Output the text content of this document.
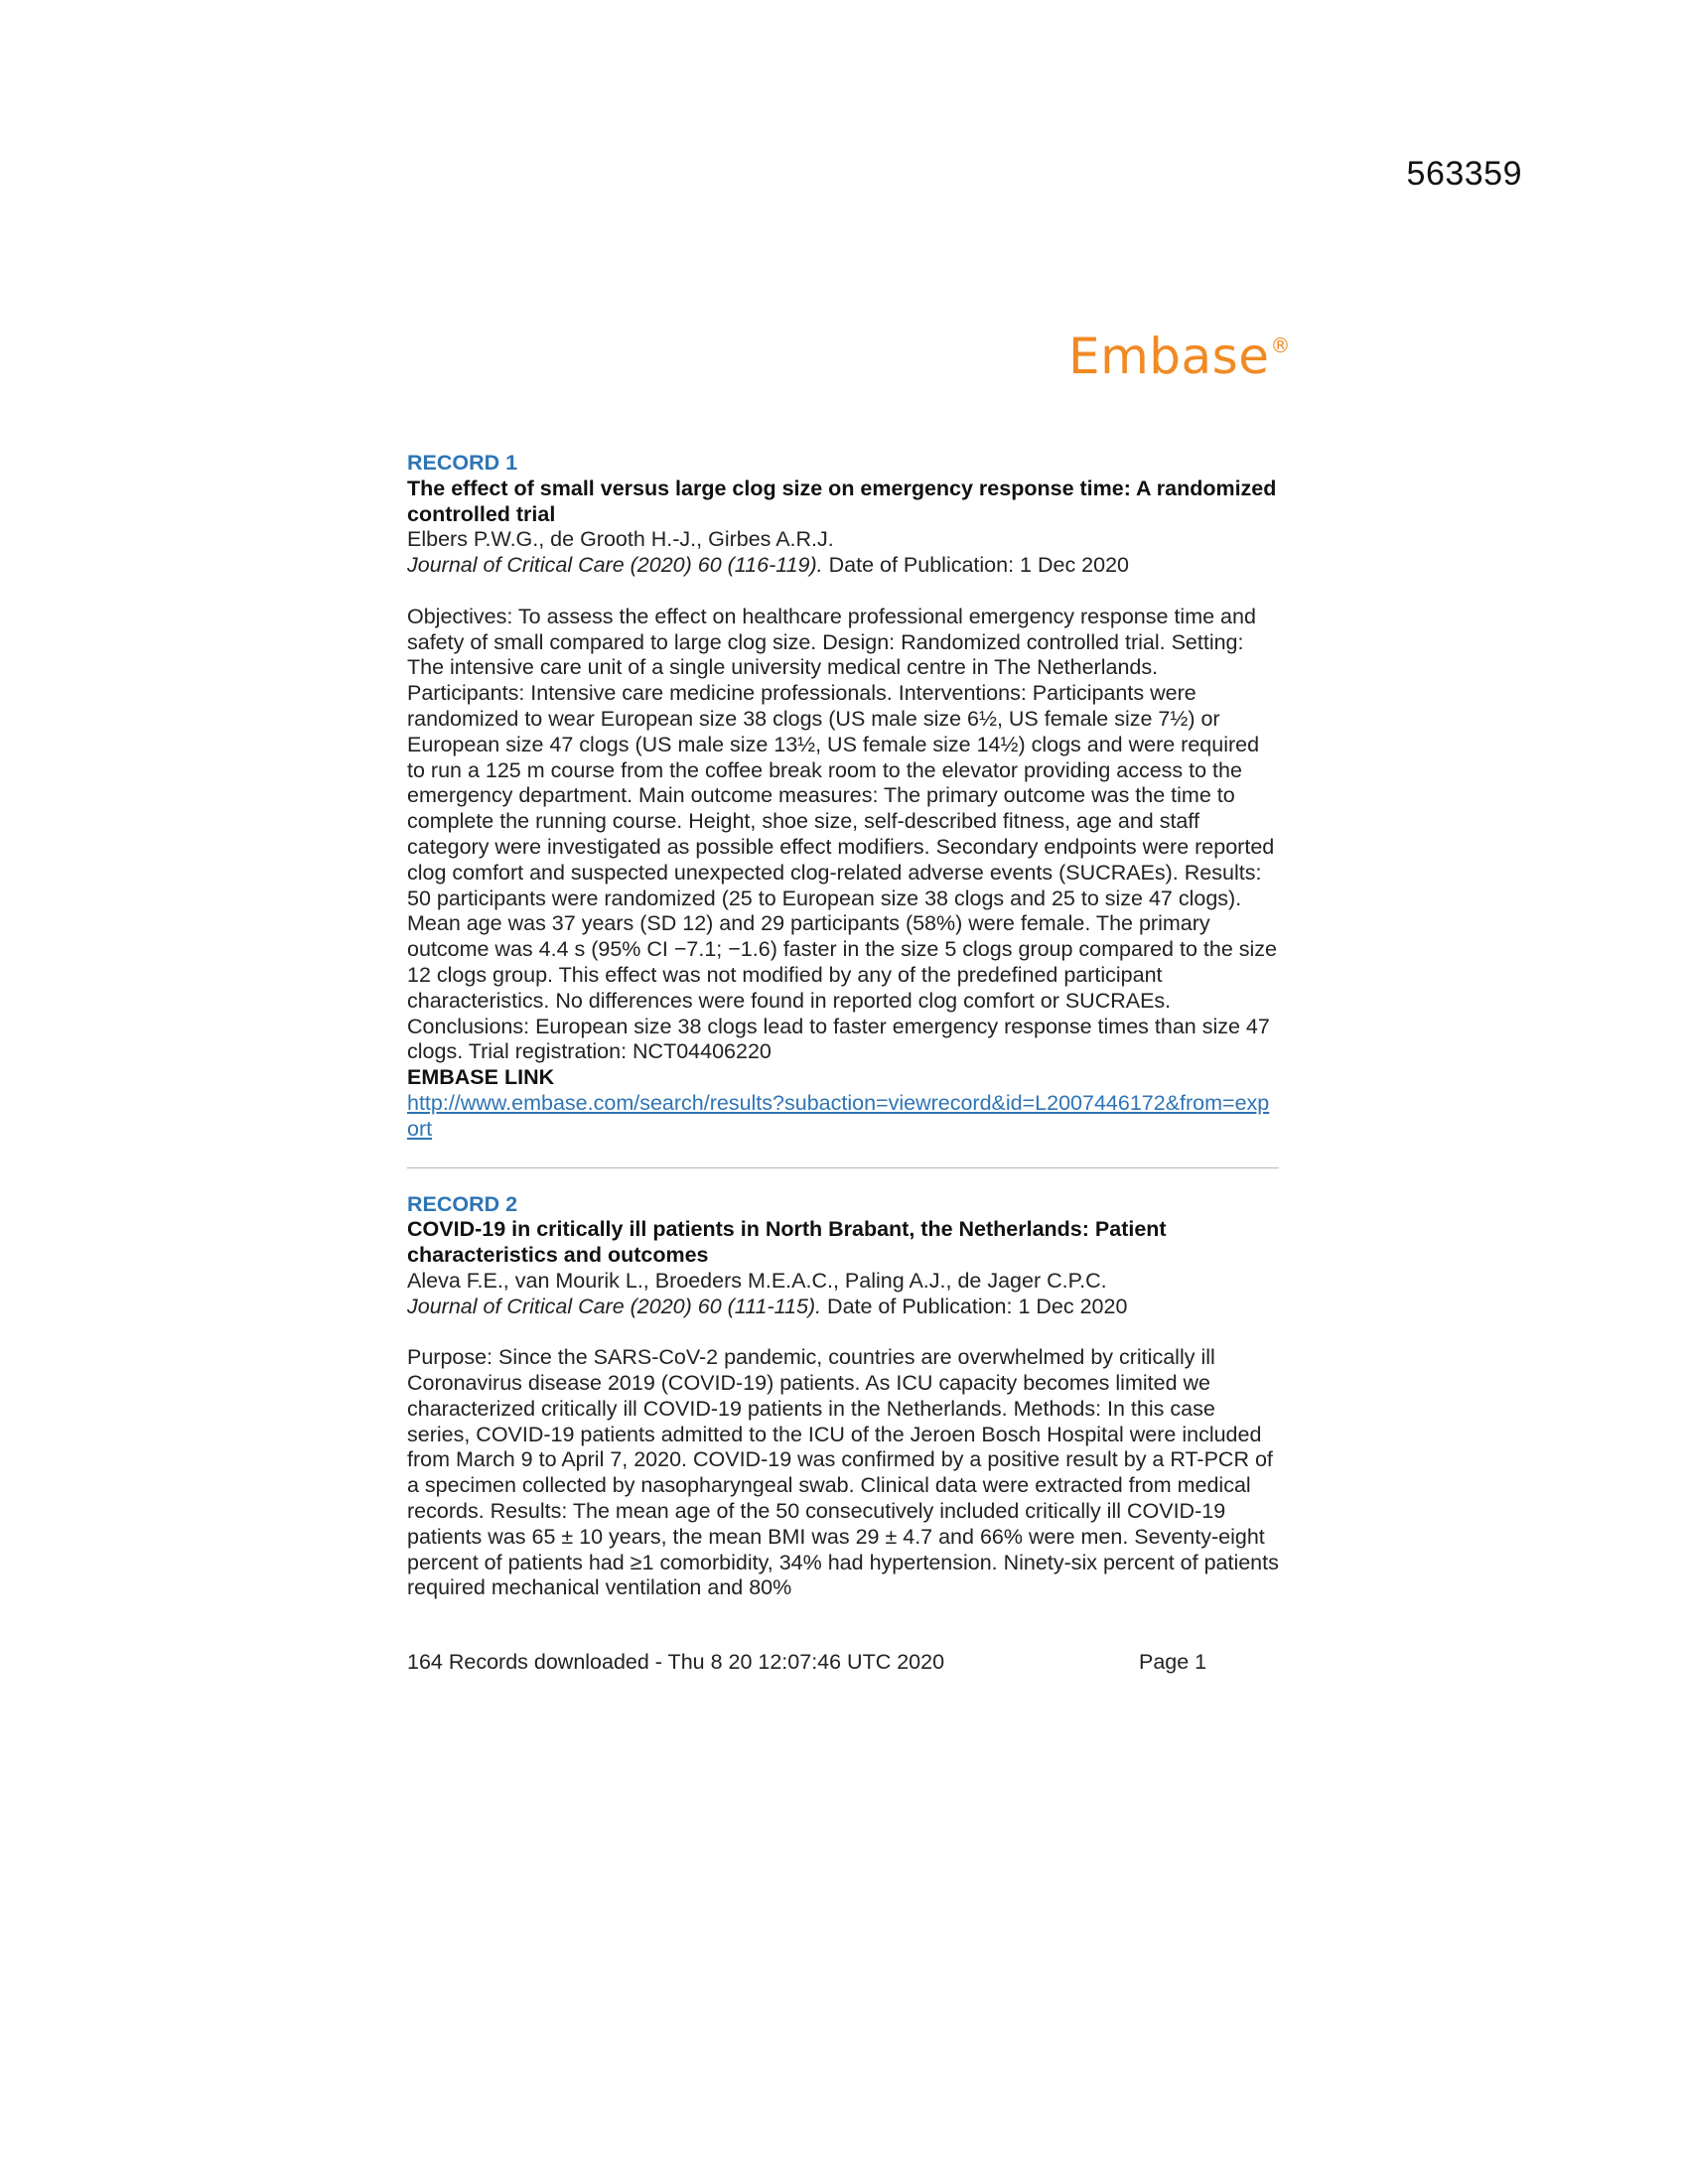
563359
Embase®
RECORD 1
The effect of small versus large clog size on emergency response time: A randomized controlled trial
Elbers P.W.G., de Grooth H.-J., Girbes A.R.J.
Journal of Critical Care (2020) 60 (116-119). Date of Publication: 1 Dec 2020
Objectives: To assess the effect on healthcare professional emergency response time and safety of small compared to large clog size. Design: Randomized controlled trial. Setting: The intensive care unit of a single university medical centre in The Netherlands. Participants: Intensive care medicine professionals. Interventions: Participants were randomized to wear European size 38 clogs (US male size 6½, US female size 7½) or European size 47 clogs (US male size 13½, US female size 14½) clogs and were required to run a 125 m course from the coffee break room to the elevator providing access to the emergency department. Main outcome measures: The primary outcome was the time to complete the running course. Height, shoe size, self-described fitness, age and staff category were investigated as possible effect modifiers. Secondary endpoints were reported clog comfort and suspected unexpected clog-related adverse events (SUCRAEs). Results: 50 participants were randomized (25 to European size 38 clogs and 25 to size 47 clogs). Mean age was 37 years (SD 12) and 29 participants (58%) were female. The primary outcome was 4.4 s (95% CI −7.1; −1.6) faster in the size 5 clogs group compared to the size 12 clogs group. This effect was not modified by any of the predefined participant characteristics. No differences were found in reported clog comfort or SUCRAEs. Conclusions: European size 38 clogs lead to faster emergency response times than size 47 clogs. Trial registration: NCT04406220
EMBASE LINK
http://www.embase.com/search/results?subaction=viewrecord&id=L2007446172&from=export
RECORD 2
COVID-19 in critically ill patients in North Brabant, the Netherlands: Patient characteristics and outcomes
Aleva F.E., van Mourik L., Broeders M.E.A.C., Paling A.J., de Jager C.P.C.
Journal of Critical Care (2020) 60 (111-115). Date of Publication: 1 Dec 2020
Purpose: Since the SARS-CoV-2 pandemic, countries are overwhelmed by critically ill Coronavirus disease 2019 (COVID-19) patients. As ICU capacity becomes limited we characterized critically ill COVID-19 patients in the Netherlands. Methods: In this case series, COVID-19 patients admitted to the ICU of the Jeroen Bosch Hospital were included from March 9 to April 7, 2020. COVID-19 was confirmed by a positive result by a RT-PCR of a specimen collected by nasopharyngeal swab. Clinical data were extracted from medical records. Results: The mean age of the 50 consecutively included critically ill COVID-19 patients was 65 ± 10 years, the mean BMI was 29 ± 4.7 and 66% were men. Seventy-eight percent of patients had ≥1 comorbidity, 34% had hypertension. Ninety-six percent of patients required mechanical ventilation and 80%
164 Records downloaded - Thu 8 20 12:07:46 UTC 2020	Page 1
